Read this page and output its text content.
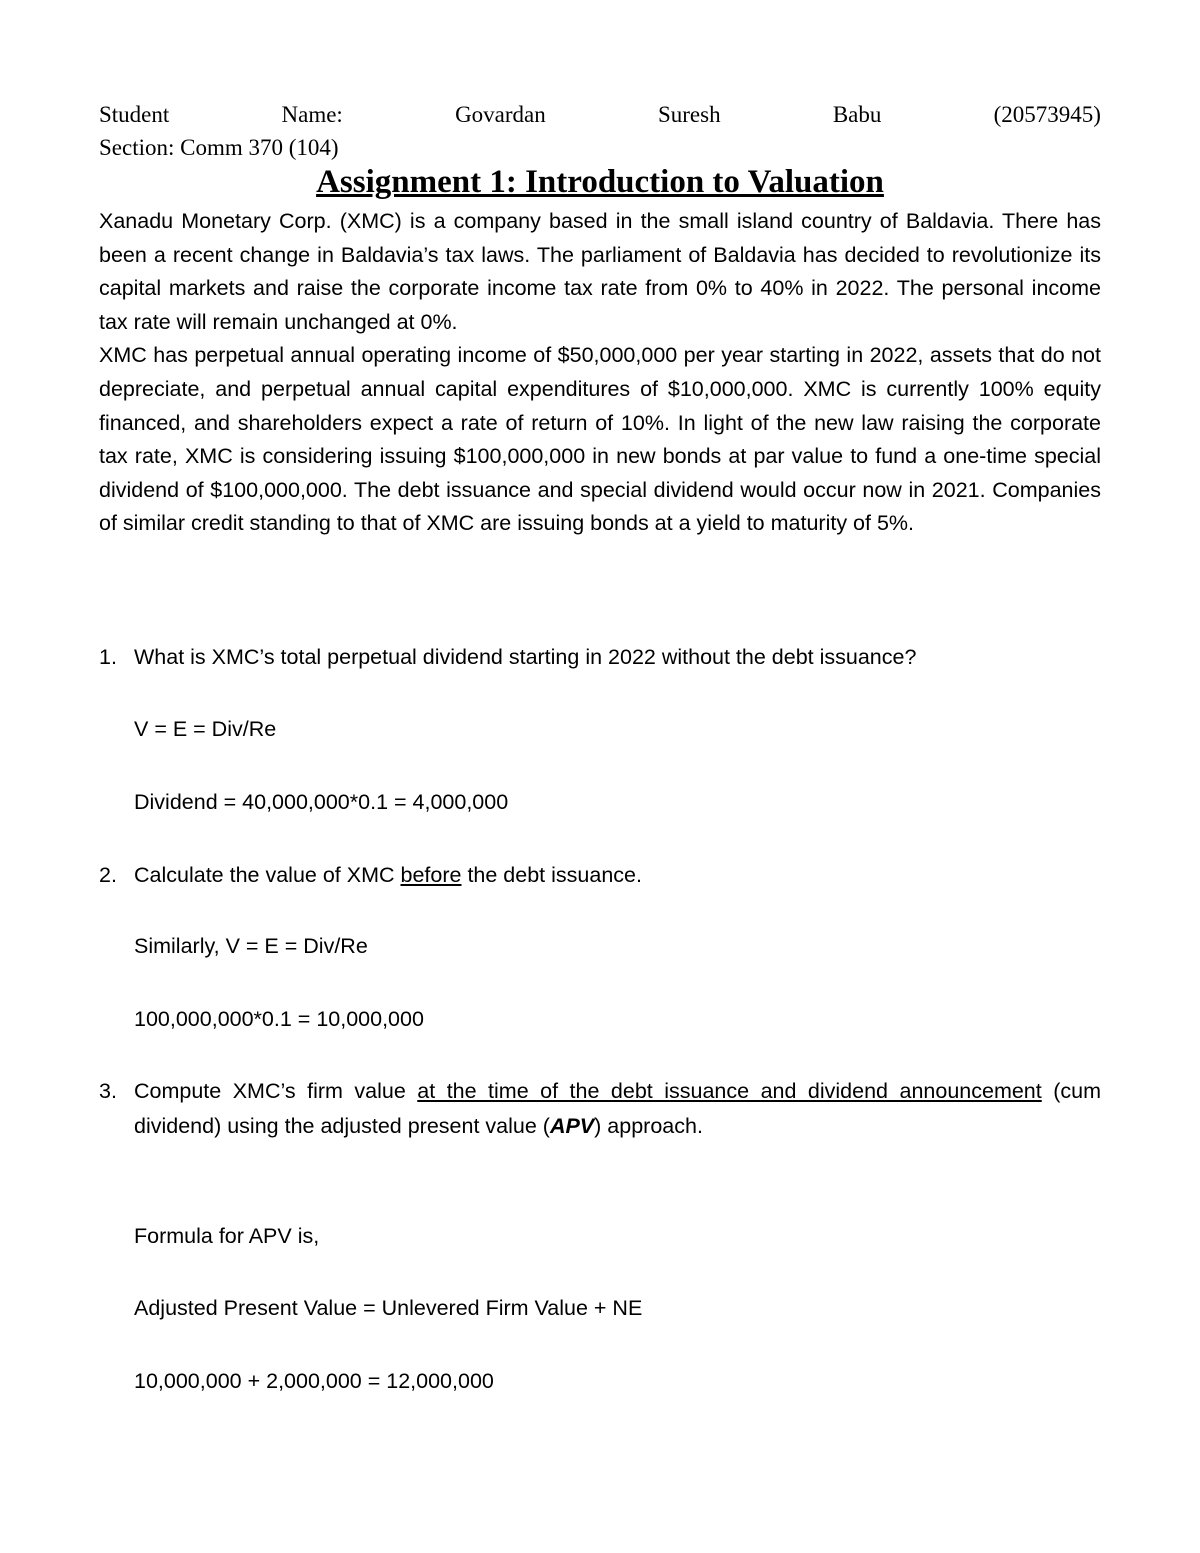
Student	Name:	Govardan	Suresh	Babu	(20573945)
Section: Comm 370 (104)
Assignment 1: Introduction to Valuation

Xanadu Monetary Corp. (XMC) is a company based in the small island country of Baldavia. There has been a recent change in Baldavia’s tax laws. The parliament of Baldavia has decided to revolutionize its capital markets and raise the corporate income tax rate from 0% to 40% in 2022. The personal income tax rate will remain unchanged at 0%.

XMC has perpetual annual operating income of $50,000,000 per year starting in 2022, assets that do not depreciate, and perpetual annual capital expenditures of $10,000,000. XMC is currently 100% equity financed, and shareholders expect a rate of return of 10%. In light of the new law raising the corporate tax rate, XMC is considering issuing $100,000,000 in new bonds at par value to fund a one-time special dividend of $100,000,000. The debt issuance and special dividend would occur now in 2021. Companies of similar credit standing to that of XMC are issuing bonds at a yield to maturity of 5%.

1. What is XMC’s total perpetual dividend starting in 2022 without the debt issuance?
V = E = Div/Re
Dividend = 40,000,000*0.1 = 4,000,000
2. Calculate the value of XMC before the debt issuance.
Similarly, V = E = Div/Re
100,000,000*0.1 = 10,000,000
3. Compute XMC’s firm value at the time of the debt issuance and dividend announcement (cum dividend) using the adjusted present value (APV) approach.
Formula for APV is,
Adjusted Present Value = Unlevered Firm Value + NE
10,000,000 + 2,000,000 = 12,000,000
